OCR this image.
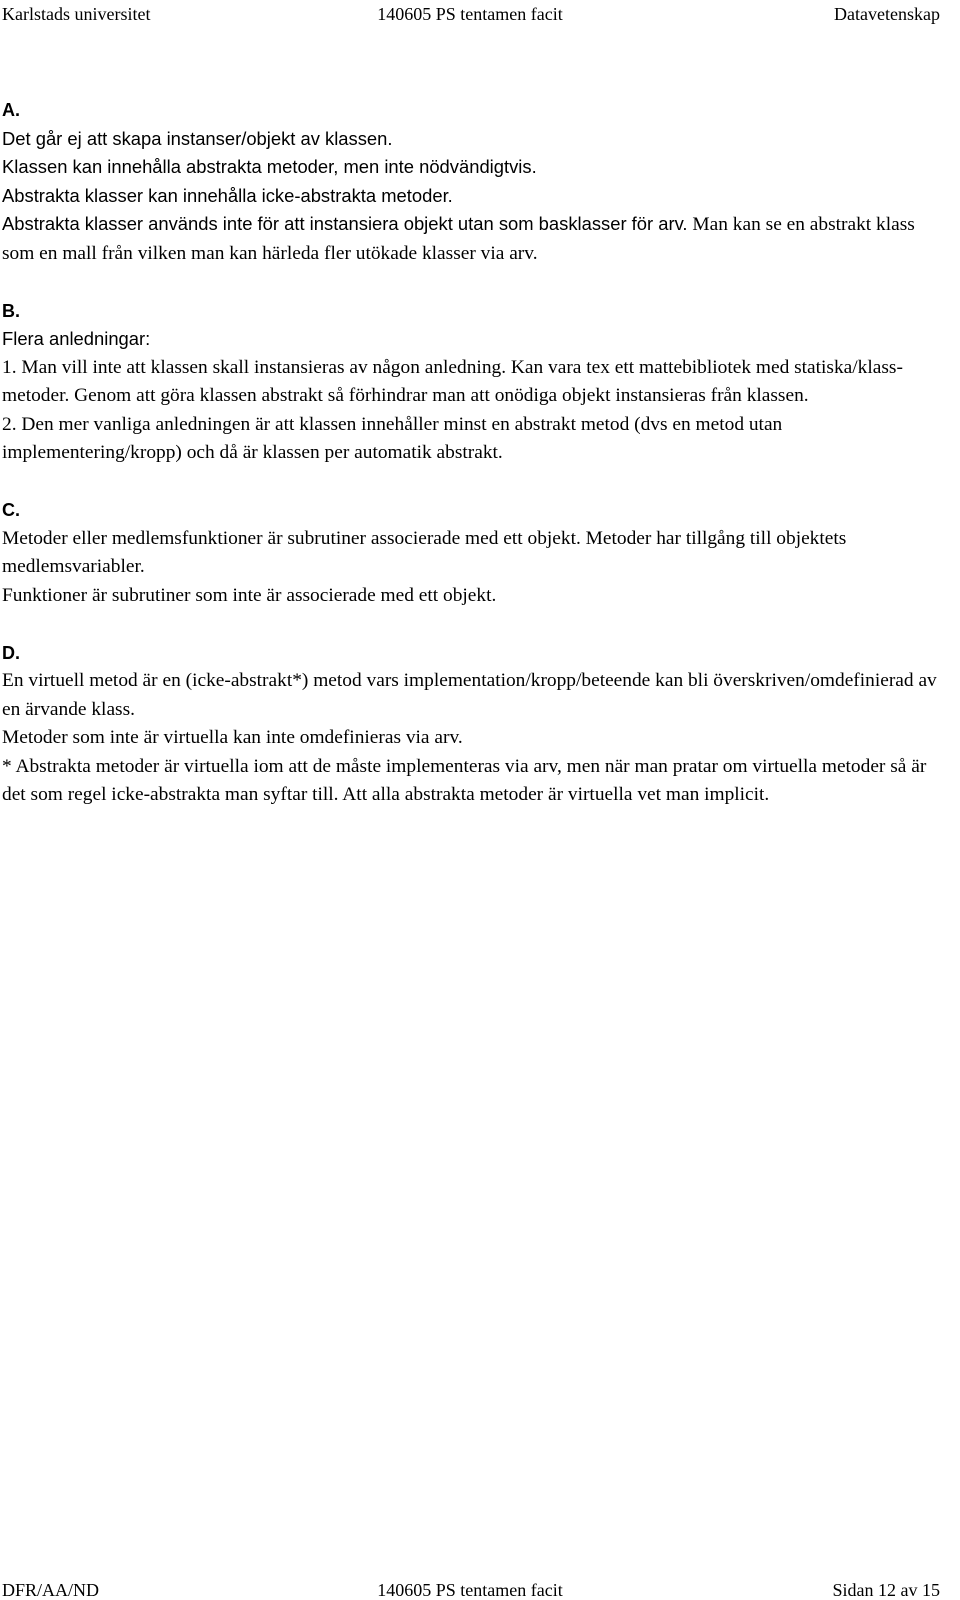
Karlstads universitet	140605 PS tentamen facit	Datavetenskap
A.
Det går ej att skapa instanser/objekt av klassen.
Klassen kan innehålla abstrakta metoder, men inte nödvändigtvis.
Abstrakta klasser kan innehålla icke-abstrakta metoder.

Abstrakta klasser används inte för att instansiera objekt utan som basklasser för arv. Man kan se en abstrakt klass som en mall från vilken man kan härleda fler utökade klasser via arv.

B.
Flera anledningar:

1. Man vill inte att klassen skall instansieras av någon anledning. Kan vara tex ett mattebibliotek med statiska/klass-metoder. Genom att göra klassen abstrakt så förhindrar man att onödiga objekt instansieras från klassen.

2. Den mer vanliga anledningen är att klassen innehåller minst en abstrakt metod (dvs en metod utan implementering/kropp) och då är klassen per automatik abstrakt.

C.

Metoder eller medlemsfunktioner är subrutiner associerade med ett objekt. Metoder har tillgång till objektets medlemsvariabler.

Funktioner är subrutiner som inte är associerade med ett objekt.

D.

En virtuell metod är en (icke-abstrakt*) metod vars implementation/kropp/beteende kan bli överskriven/omdefinierad av en ärvande klass.

Metoder som inte är virtuella kan inte omdefinieras via arv.

* Abstrakta metoder är virtuella iom att de måste implementeras via arv, men när man pratar om virtuella metoder så är det som regel icke-abstrakta man syftar till. Att alla abstrakta metoder är virtuella vet man implicit.

DFR/AA/ND	140605 PS tentamen facit	Sidan 12 av 15
